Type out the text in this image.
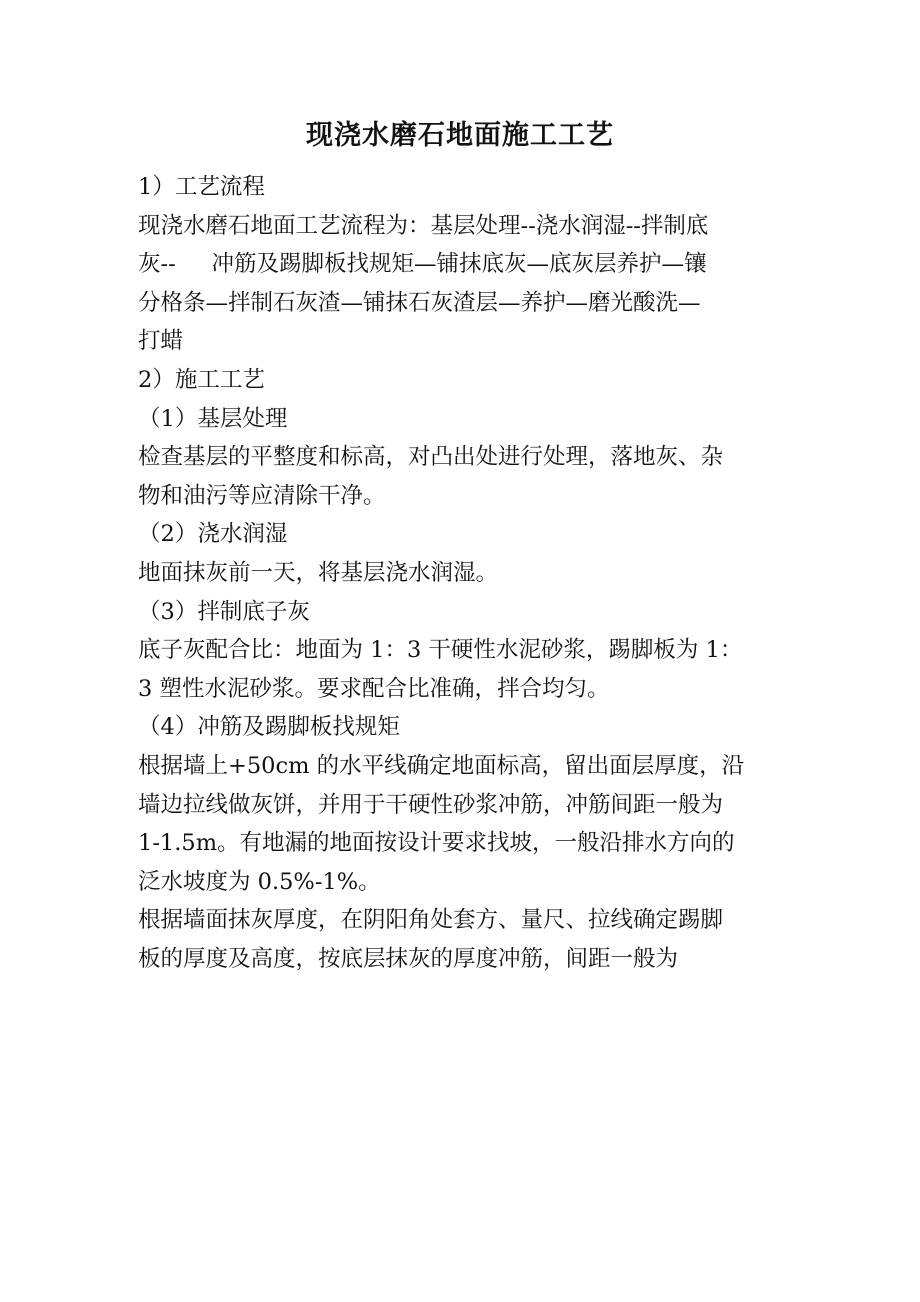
现浇水磨石地面施工工艺

1）工艺流程

现浇水磨石地面工艺流程为：基层处理--浇水润湿--拌制底

灰--     冲筋及踢脚板找规矩—铺抹底灰—底灰层养护—镶

分格条—拌制石灰渣—铺抹石灰渣层—养护—磨光酸洗—

打蜡

2）施工工艺

（1）基层处理

检查基层的平整度和标高，对凸出处进行处理，落地灰、杂

物和油污等应清除干净。

（2）浇水润湿

地面抹灰前一天，将基层浇水润湿。

（3）拌制底子灰

底子灰配合比：地面为 1：3 干硬性水泥砂浆，踢脚板为 1：

3 塑性水泥砂浆。要求配合比准确，拌合均匀。

（4）冲筋及踢脚板找规矩

根据墙上+50cm 的水平线确定地面标高，留出面层厚度，沿

墙边拉线做灰饼，并用于干硬性砂浆冲筋，冲筋间距一般为

1-1.5m。有地漏的地面按设计要求找坡，一般沿排水方向的

泛水坡度为 0.5%-1%。

根据墙面抹灰厚度，在阴阳角处套方、量尺、拉线确定踢脚

板的厚度及高度，按底层抹灰的厚度冲筋，间距一般为
